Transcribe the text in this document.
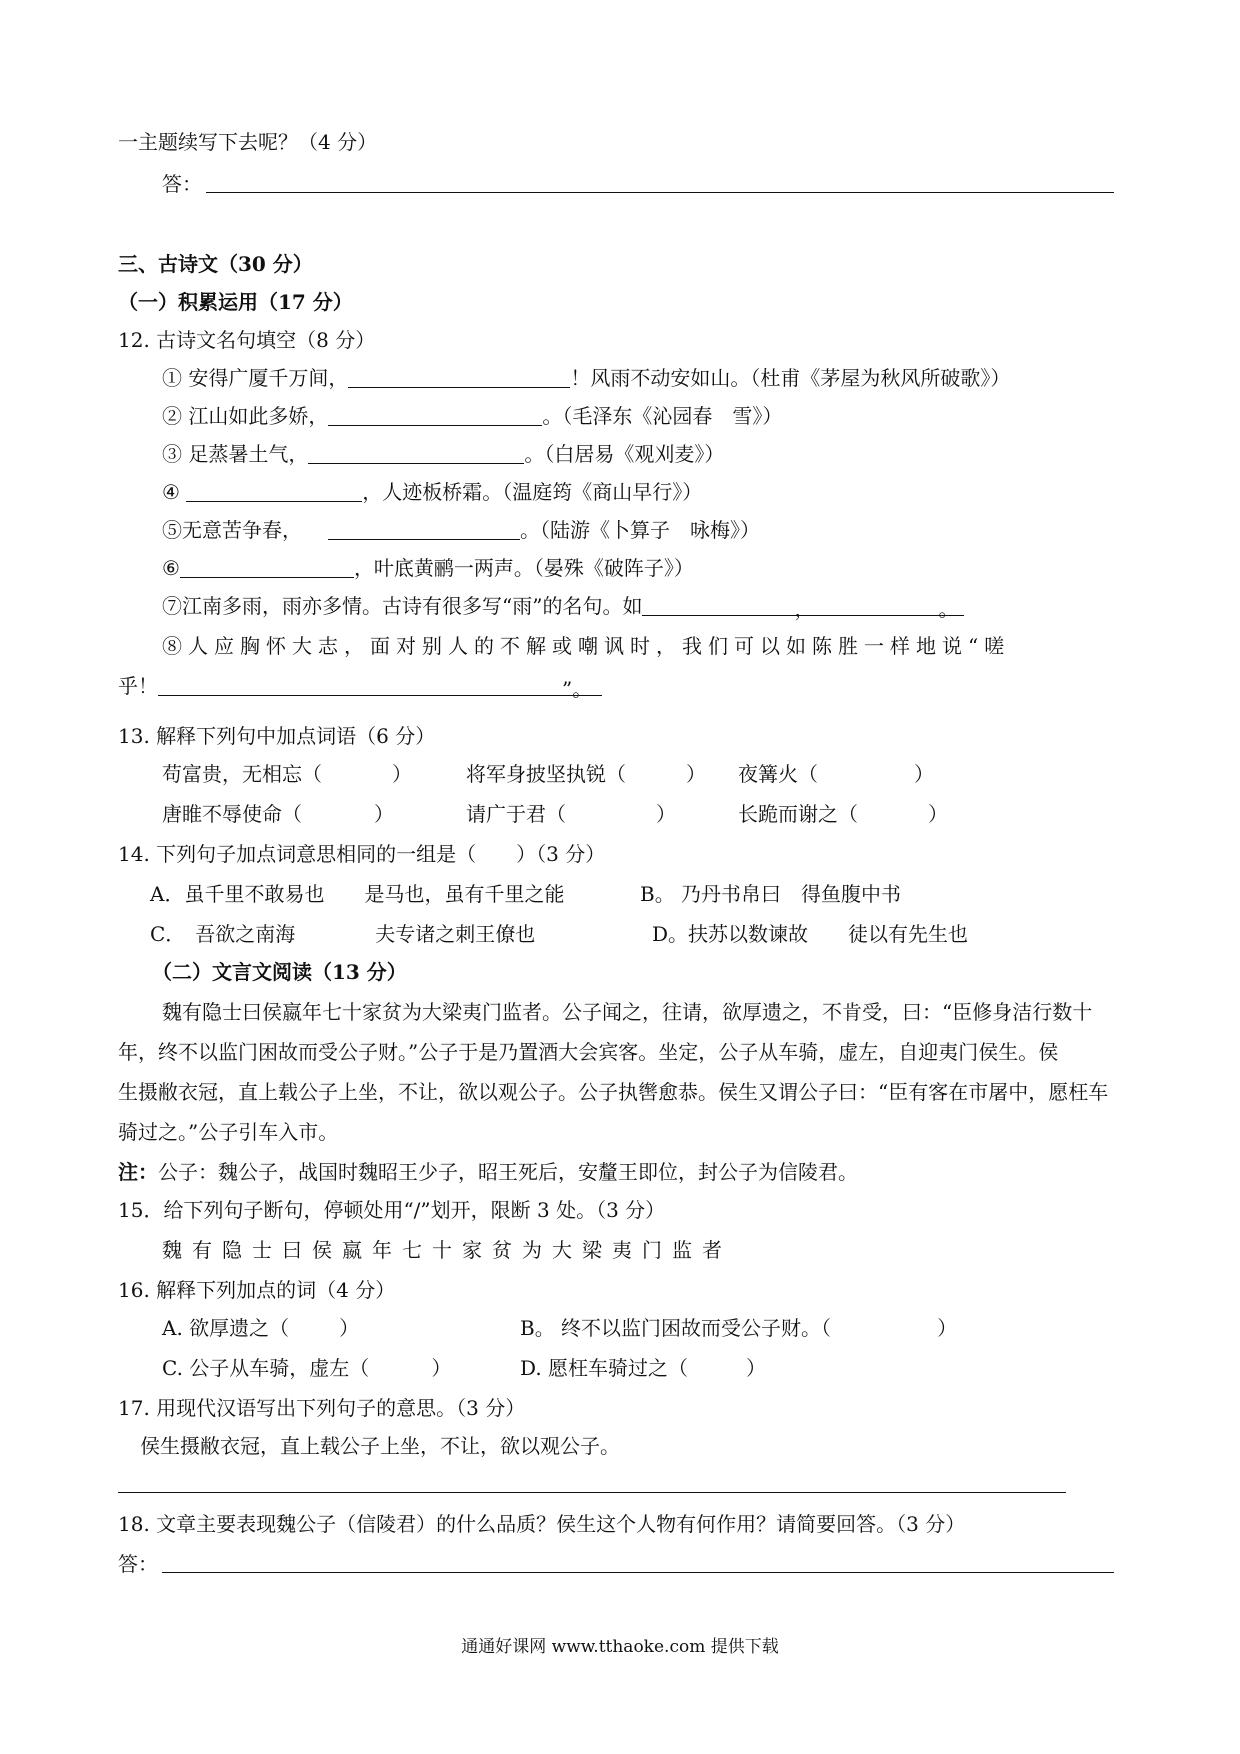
一主题续写下去呢？（4 分）
答：
三、古诗文（30 分）
（一）积累运用（17 分）
12. 古诗文名句填空（8 分）
① 安得广厦千万间，	！风雨不动安如山。（杜甫《茅屋为秋风所破歌》）
② 江山如此多娇，	。（毛泽东《沁园春　雪》）
③ 足蒸暑土气，	。（白居易《观刈麦》）
④	，人迹板桥霜。（温庭筠《商山早行》）
⑤无意苦争春，	。（陆游《卜算子　咏梅》）
⑥	，叶底黄鹂一两声。（晏殊《破阵子》）
⑦江南多雨，雨亦多情。古诗有很多写“雨”的名句。如	，	。
⑧人应胸怀大志，面对别人的不解或嘲讽时，我们可以如陈胜一样地说“嗟
乎！	”。
13. 解释下列句中加点词语（6 分）
苟富贵，无相忘（	）	将军身披坚执锐（	） 夜篝火（	）
唐睢不辱使命（	）	请广于君（	）	长跪而谢之（	）
14. 下列句子加点词意思相同的一组是（　　）（3 分）
A．虽千里不敢易也　　是马也，虽有千里之能	B。 乃丹书帛曰　得鱼腹中书
C．　吾欲之南海　　　　夫专诸之刺王僚也	D。扶苏以数谏故　　徒以有先生也
（二）文言文阅读（13 分）
魏有隐士曰侯嬴年七十家贫为大梁夷门监者。公子闻之，往请，欲厚遗之，不肯受，曰：“臣修身洁行数十
年，终不以监门困故而受公子财。”公子于是乃置酒大会宾客。坐定，公子从车骑，虚左，自迎夷门侯生。侯
生摄敝衣冠，直上载公子上坐，不让，欲以观公子。公子执辔愈恭。侯生又谓公子曰：“臣有客在市屠中，愿枉车
骑过之。”公子引车入市。
注：公子：魏公子，战国时魏昭王少子，昭王死后，安釐王即位，封公子为信陵君。
15．给下列句子断句，停顿处用“/”划开，限断 3 处。（3 分）
魏有隐士曰侯嬴年七十家贫为大梁夷门监者
16. 解释下列加点的词（4 分）
A. 欲厚遗之（	）	B。 终不以监门困故而受公子财。（	）
C. 公子从车骑，虚左（	）	D. 愿枉车骑过之（	）
17. 用现代汉语写出下列句子的意思。（3 分）
侯生摄敝衣冠，直上载公子上坐，不让，欲以观公子。
18. 文章主要表现魏公子（信陵君）的什么品质？侯生这个人物有何作用？请简要回答。（3 分）
答：
通通好课网 www.tthaoke.com 提供下载
